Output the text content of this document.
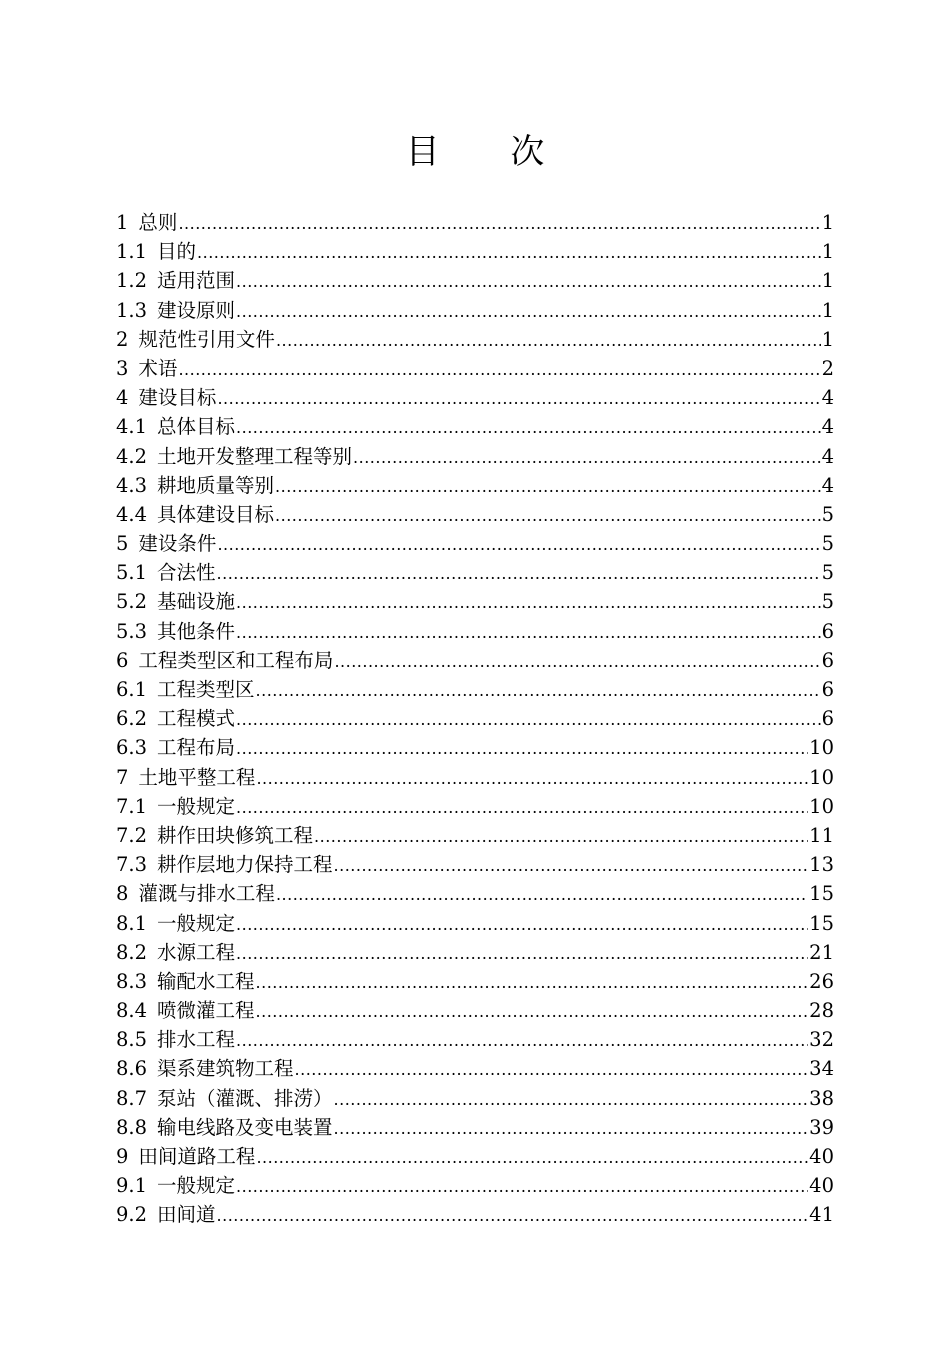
目 次
1 总则 .....	1
1.1 目的 .....	1
1.2 适用范围 .....	1
1.3 建设原则 .....	1
2 规范性引用文件 .....	1
3 术语 .....	2
4 建设目标 .....	4
4.1 总体目标 .....	4
4.2 土地开发整理工程等别 .....	4
4.3 耕地质量等别 .....	4
4.4 具体建设目标 .....	5
5 建设条件 .....	5
5.1 合法性 .....	5
5.2 基础设施 .....	5
5.3 其他条件 .....	6
6 工程类型区和工程布局 .....	6
6.1 工程类型区 .....	6
6.2 工程模式 .....	6
6.3 工程布局 .....	10
7 土地平整工程 .....	10
7.1 一般规定 .....	10
7.2 耕作田块修筑工程 .....	11
7.3 耕作层地力保持工程 .....	13
8 灌溉与排水工程 .....	15
8.1 一般规定 .....	15
8.2 水源工程 .....	21
8.3 输配水工程 .....	26
8.4 喷微灌工程 .....	28
8.5 排水工程 .....	32
8.6 渠系建筑物工程 .....	34
8.7 泵站（灌溉、排涝） .....	38
8.8 输电线路及变电装置 .....	39
9 田间道路工程 .....	40
9.1 一般规定 .....	40
9.2 田间道 .....	41
